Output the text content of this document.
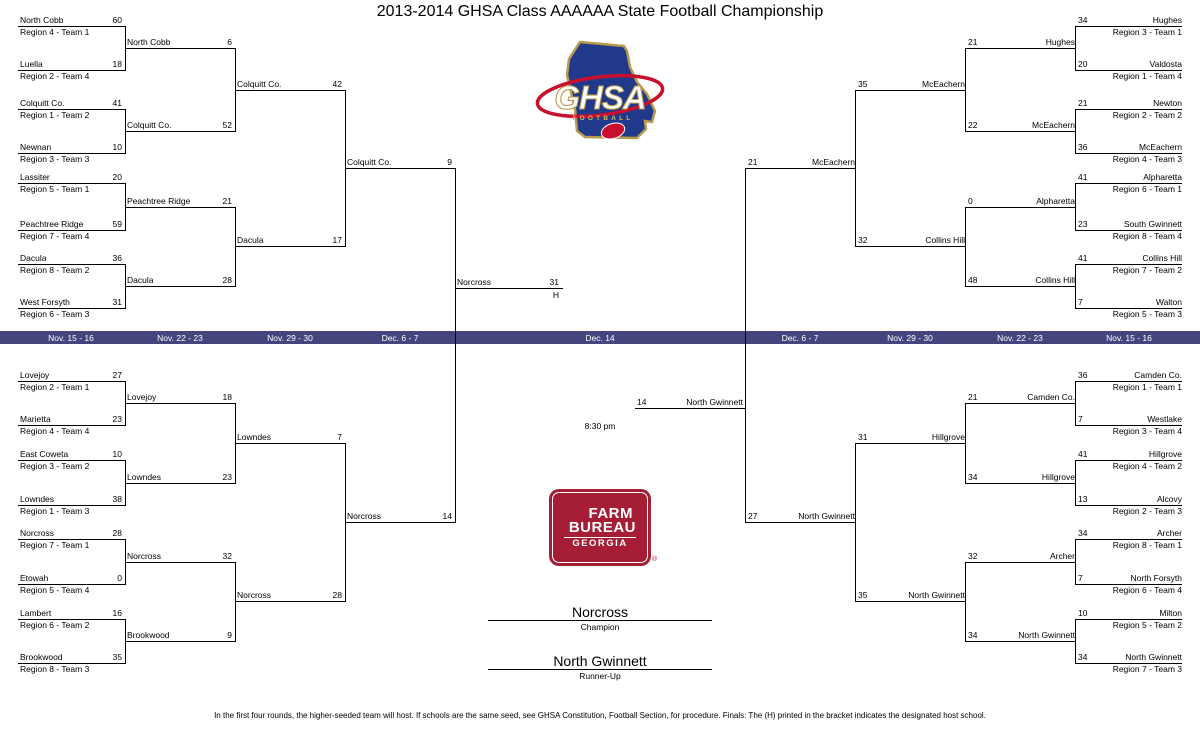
2013-2014 GHSA Class AAAAAA State Football Championship
GHSA
FOOTBALL
North Cobb	60
Region 4 - Team 1
Luella	18
Region 2 - Team 4
Colquitt Co.	41
Region 1 - Team 2
Newnan	10
Region 3 - Team 3
Lassiter	20
Region 5 - Team 1
Peachtree Ridge	59
Region 7 - Team 4
Dacula	36
Region 8 - Team 2
West Forsyth	31
Region 6 - Team 3
Lovejoy	27
Region 2 - Team 1
Marietta	23
Region 4 - Team 4
East Coweta	10
Region 3 - Team 2
Lowndes	38
Region 1 - Team 3
Norcross	28
Region 7 - Team 1
Etowah	0
Region 5 - Team 4
Lambert	16
Region 6 - Team 2
Brookwood	35
Region 8 - Team 3
North Cobb	6
Colquitt Co.	52
Peachtree Ridge	21
Dacula	28
Lovejoy	18
Lowndes	23
Norcross	32
Brookwood	9
Colquitt Co.	42
Dacula	17
Lowndes	7
Norcross	28
Colquitt Co.	9
Norcross	14
34	Hughes
Region 3 - Team 1
20	Valdosta
Region 1 - Team 4
21	Newton
Region 2 - Team 2
36	McEachern
Region 4 - Team 3
41	Alpharetta
Region 6 - Team 1
23	South Gwinnett
Region 8 - Team 4
41	Collins Hill
Region 7 - Team 2
7	Walton
Region 5 - Team 3
36	Camden Co.
Region 1 - Team 1
7	Westlake
Region 3 - Team 4
41	Hillgrove
Region 4 - Team 2
13	Alcovy
Region 2 - Team 3
34	Archer
Region 8 - Team 1
7	North Forsyth
Region 6 - Team 4
10	Milton
Region 5 - Team 2
34	North Gwinnett
Region 7 - Team 3
21	Hughes
22	McEachern
0	Alpharetta
48	Collins Hill
21	Camden Co.
34	Hillgrove
32	Archer
34	North Gwinnett
35	McEachern
32	Collins Hill
31	Hillgrove
35	North Gwinnett
21	McEachern
27	North Gwinnett
Nov. 15 - 16	Nov. 22 - 23	Nov. 29 - 30	Dec. 6 - 7	Dec. 14	Dec. 6 - 7	Nov. 29 - 30	Nov. 22 - 23	Nov. 15 - 16
Norcross	31
H
14	North Gwinnett
8:30 pm
FARM
BUREAU
GEORGIA
®
Norcross
Champion
North Gwinnett
Runner-Up
In the first four rounds, the higher-seeded team will host. If schools are the same seed, see GHSA Constitution, Football Section, for procedure. Finals: The (H) printed in the bracket indicates the designated host school.
